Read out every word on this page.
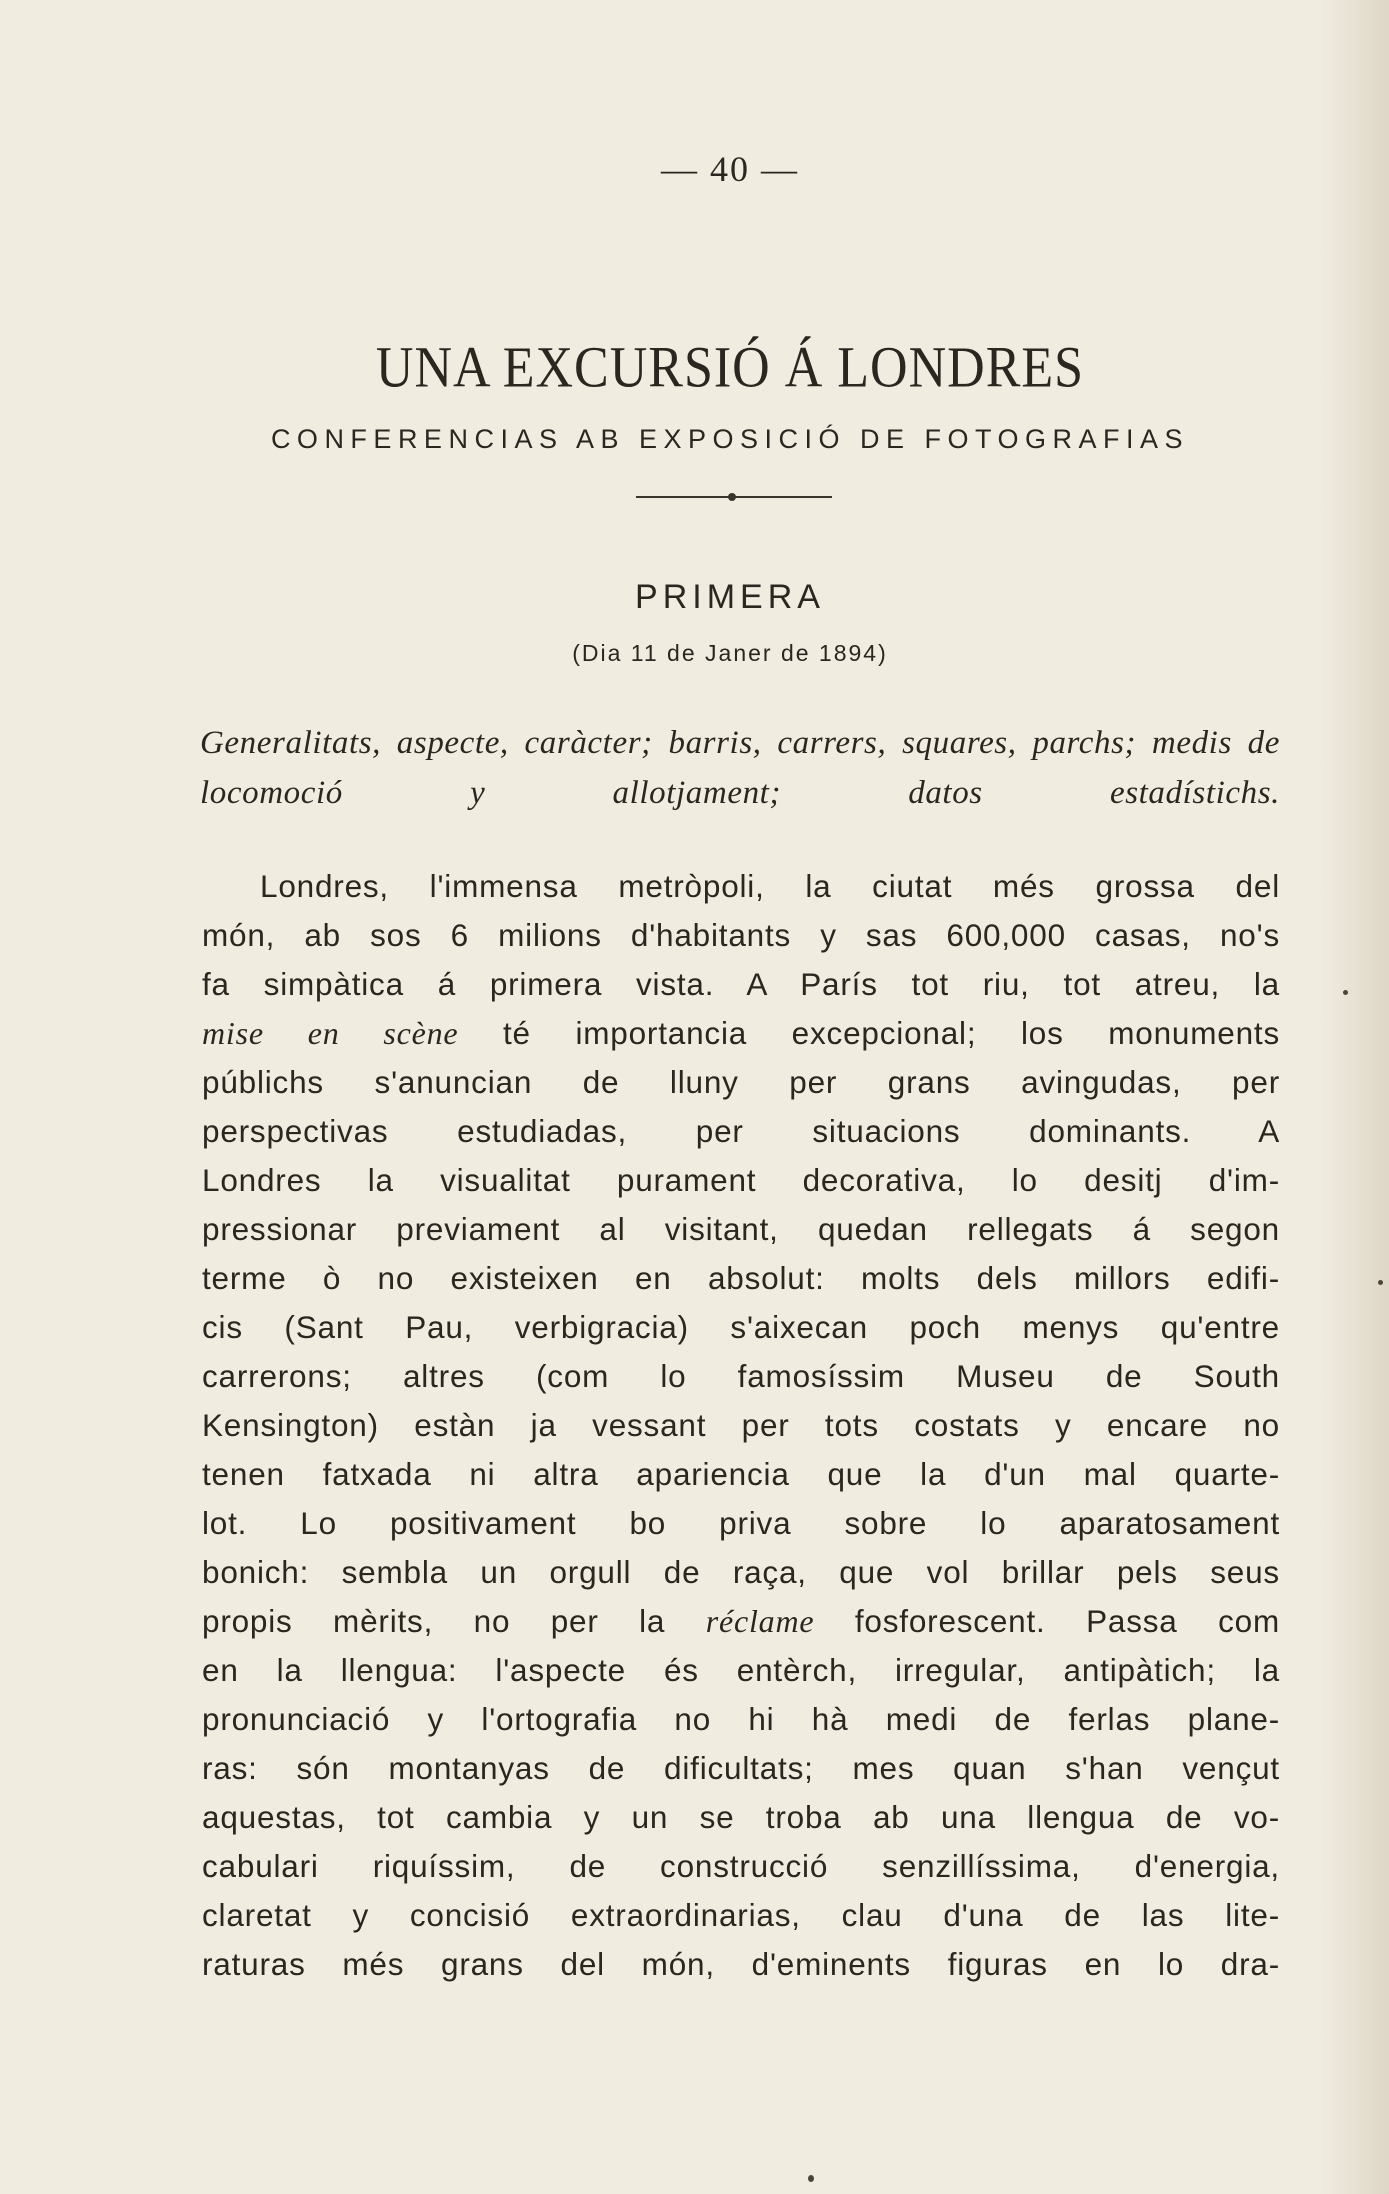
— 40 —
UNA EXCURSIÓ Á LONDRES
CONFERENCIAS AB EXPOSICIÓ DE FOTOGRAFIAS
PRIMERA
(Dia 11 de Janer de 1894)

Generalitats, aspecte, caràcter; barris, carrers, squares, parchs; medis de locomoció y allotjament; datos estadístichs.

Londres, l'immensa metròpoli, la ciutat més grossa del
món, ab sos 6 milions d'habitants y sas 600,000 casas, no's
fa simpàtica á primera vista. A París tot riu, tot atreu, la
mise en scène té importancia excepcional; los monuments
públichs s'anuncian de lluny per grans avingudas, per
perspectivas estudiadas, per situacions dominants. A
Londres la visualitat purament decorativa, lo desitj d'im-
pressionar previament al visitant, quedan rellegats á segon
terme ò no existeixen en absolut: molts dels millors edifi-
cis (Sant Pau, verbigracia) s'aixecan poch menys qu'entre
carrerons; altres (com lo famosíssim Museu de South
Kensington) estàn ja vessant per tots costats y encare no
tenen fatxada ni altra apariencia que la d'un mal quarte-
lot. Lo positivament bo priva sobre lo aparatosament
bonich: sembla un orgull de raça, que vol brillar pels seus
propis mèrits, no per la réclame fosforescent. Passa com
en la llengua: l'aspecte és entèrch, irregular, antipàtich; la
pronunciació y l'ortografia no hi hà medi de ferlas plane-
ras: són montanyas de dificultats; mes quan s'han vençut
aquestas, tot cambia y un se troba ab una llengua de vo-
cabulari riquíssim, de construcció senzillíssima, d'energia,
claretat y concisió extraordinarias, clau d'una de las lite-
raturas més grans del món, d'eminents figuras en lo dra-
